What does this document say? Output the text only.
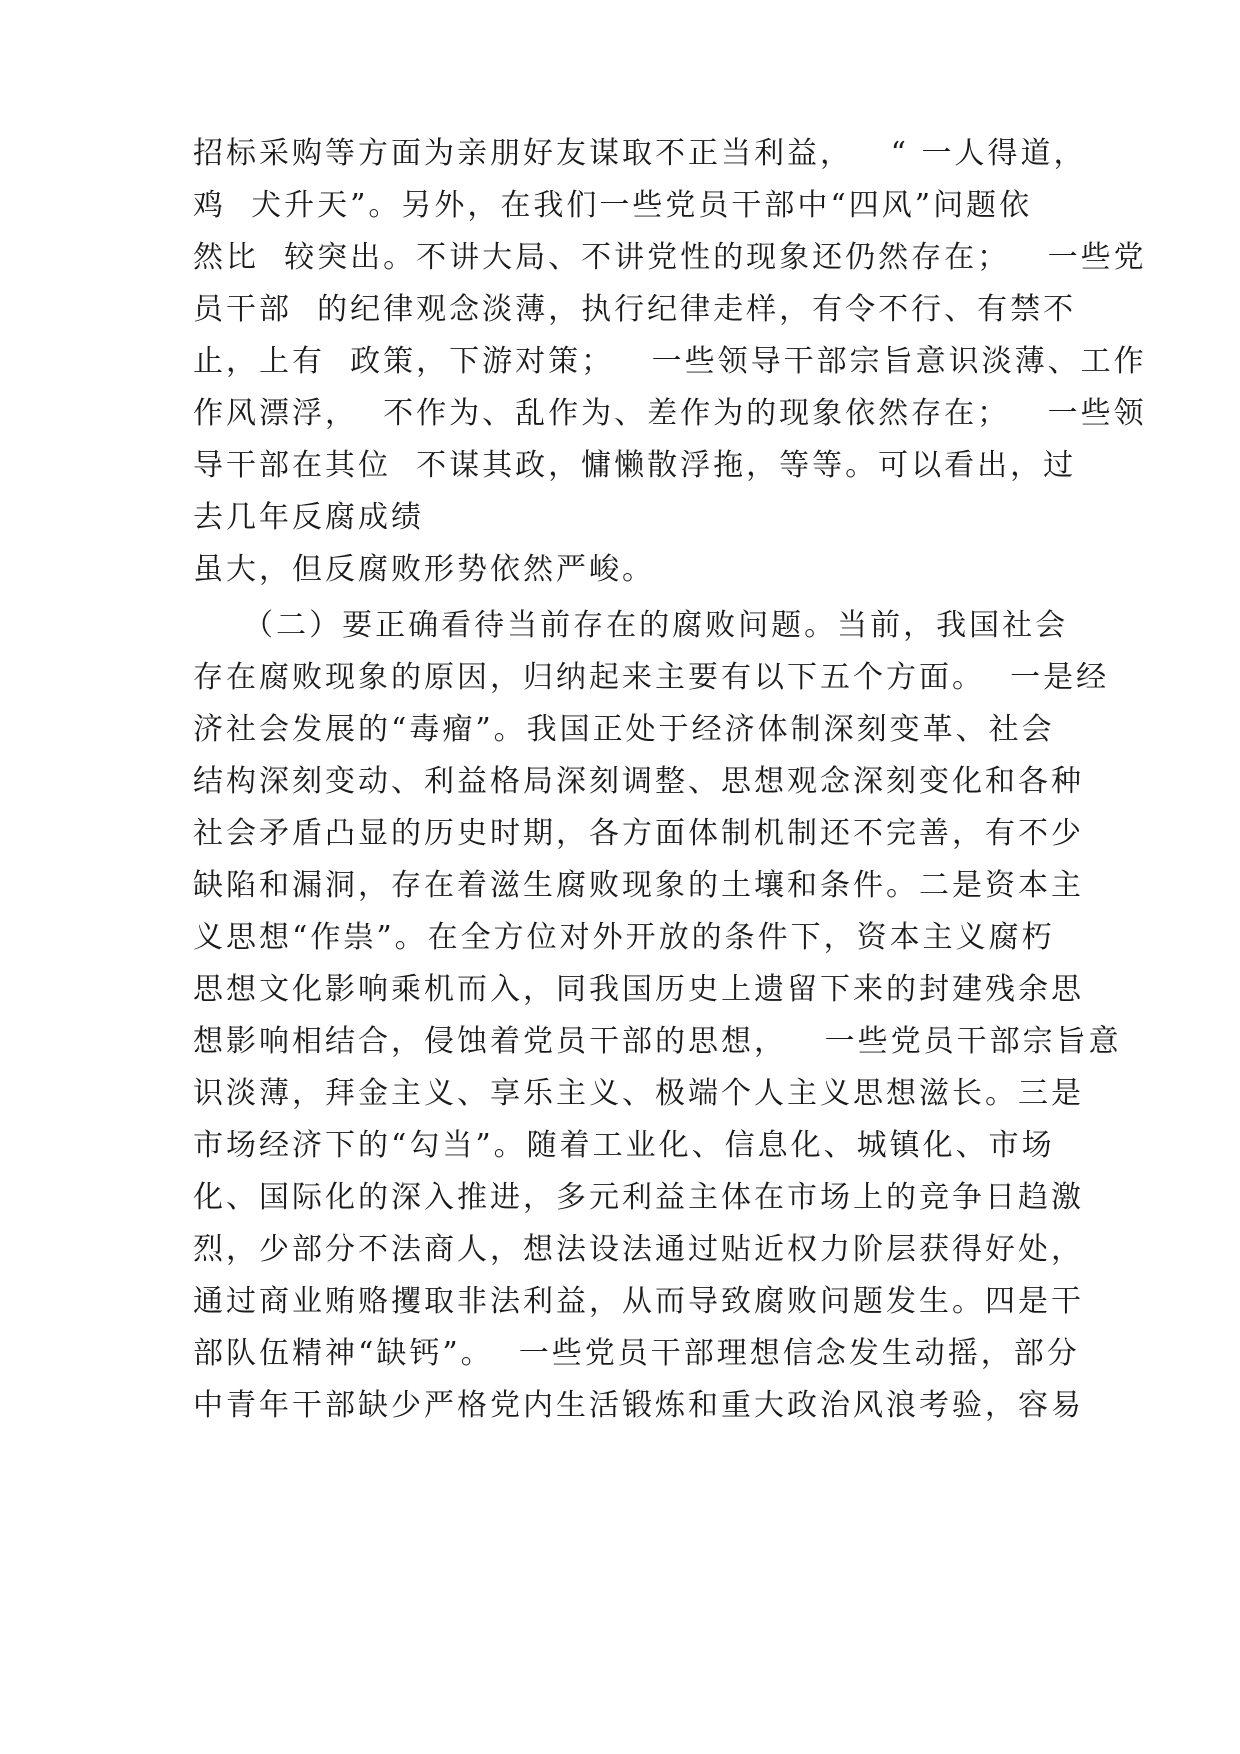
招标采购等方面为亲朋好友谋取不正当利益，   “ 一人得道，
鸡  犬升天”。另外，在我们一些党员干部中“四风”问题依
然比  较突出。不讲大局、不讲党性的现象还仍然存在；   一些党
员干部  的纪律观念淡薄，执行纪律走样，有令不行、有禁不
止，上有  政策，下游对策；   一些领导干部宗旨意识淡薄、工作
作风漂浮，  不作为、乱作为、差作为的现象依然存在；   一些领
导干部在其位  不谋其政，慵懒散浮拖，等等。可以看出，过
去几年反腐成绩
虽大，但反腐败形势依然严峻。
（二）要正确看待当前存在的腐败问题。当前，我国社会
存在腐败现象的原因，归纳起来主要有以下五个方面。  一是经
济社会发展的“毒瘤”。我国正处于经济体制深刻变革、社会
结构深刻变动、利益格局深刻调整、思想观念深刻变化和各种
社会矛盾凸显的历史时期，各方面体制机制还不完善，有不少
缺陷和漏洞，存在着滋生腐败现象的土壤和条件。二是资本主
义思想“作祟”。在全方位对外开放的条件下，资本主义腐朽
思想文化影响乘机而入，同我国历史上遗留下来的封建残余思
想影响相结合，侵蚀着党员干部的思想，   一些党员干部宗旨意
识淡薄，拜金主义、享乐主义、极端个人主义思想滋长。三是
市场经济下的“勾当”。随着工业化、信息化、城镇化、市场
化、国际化的深入推进，多元利益主体在市场上的竞争日趋激
烈，少部分不法商人，想法设法通过贴近权力阶层获得好处，
通过商业贿赂攫取非法利益，从而导致腐败问题发生。四是干
部队伍精神“缺钙”。  一些党员干部理想信念发生动摇，部分
中青年干部缺少严格党内生活锻炼和重大政治风浪考验，容易
